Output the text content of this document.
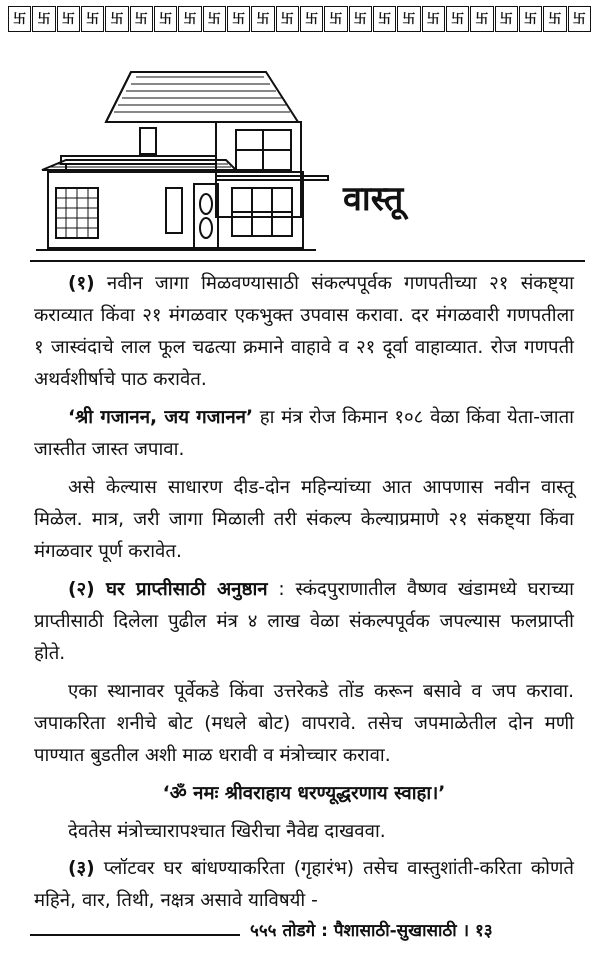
卐 卐 卐 卐 卐 卐 卐 卐 卐 卐 卐 卐 卐 卐 卐 卐 卐 卐 卐 卐 卐 卐 卐 卐
वास्तू

(१) नवीन जागा मिळवण्यासाठी संकल्पपूर्वक गणपतीच्या २१ संकष्ट्या कराव्यात किंवा २१ मंगळवार एकभुक्त उपवास करावा. दर मंगळवारी गणपतीला १ जास्वंदाचे लाल फूल चढत्या क्रमाने वाहावे व २१ दूर्वा वाहाव्यात. रोज गणपती अथर्वशीर्षाचे पाठ करावेत.

‘श्री गजानन, जय गजानन’ हा मंत्र रोज किमान १०८ वेळा किंवा येता-जाता जास्तीत जास्त जपावा.

असे केल्यास साधारण दीड-दोन महिन्यांच्या आत आपणास नवीन वास्तू मिळेल. मात्र, जरी जागा मिळाली तरी संकल्प केल्याप्रमाणे २१ संकष्ट्या किंवा मंगळवार पूर्ण करावेत.

(२) घर प्राप्तीसाठी अनुष्ठान : स्कंदपुराणातील वैष्णव खंडामध्ये घराच्या प्राप्तीसाठी दिलेला पुढील मंत्र ४ लाख वेळा संकल्पपूर्वक जपल्यास फलप्राप्ती होते.

एका स्थानावर पूर्वेकडे किंवा उत्तरेकडे तोंड करून बसावे व जप करावा. जपाकरिता शनीचे बोट (मधले बोट) वापरावे. तसेच जपमाळेतील दोन मणी पाण्यात बुडतील अशी माळ धरावी व मंत्रोच्चार करावा.

‘ॐ नमः श्रीवराहाय धरण्यूद्धरणाय स्वाहा।’

देवतेस मंत्रोच्चारापश्चात खिरीचा नैवेद्य दाखववा.

(३) प्लॉटवर घर बांधण्याकरिता (गृहारंभ) तसेच वास्तुशांती-करिता कोणते महिने, वार, तिथी, नक्षत्र असावे याविषयी -

५५५ तोडगे : पैशासाठी-सुखासाठी । १३
